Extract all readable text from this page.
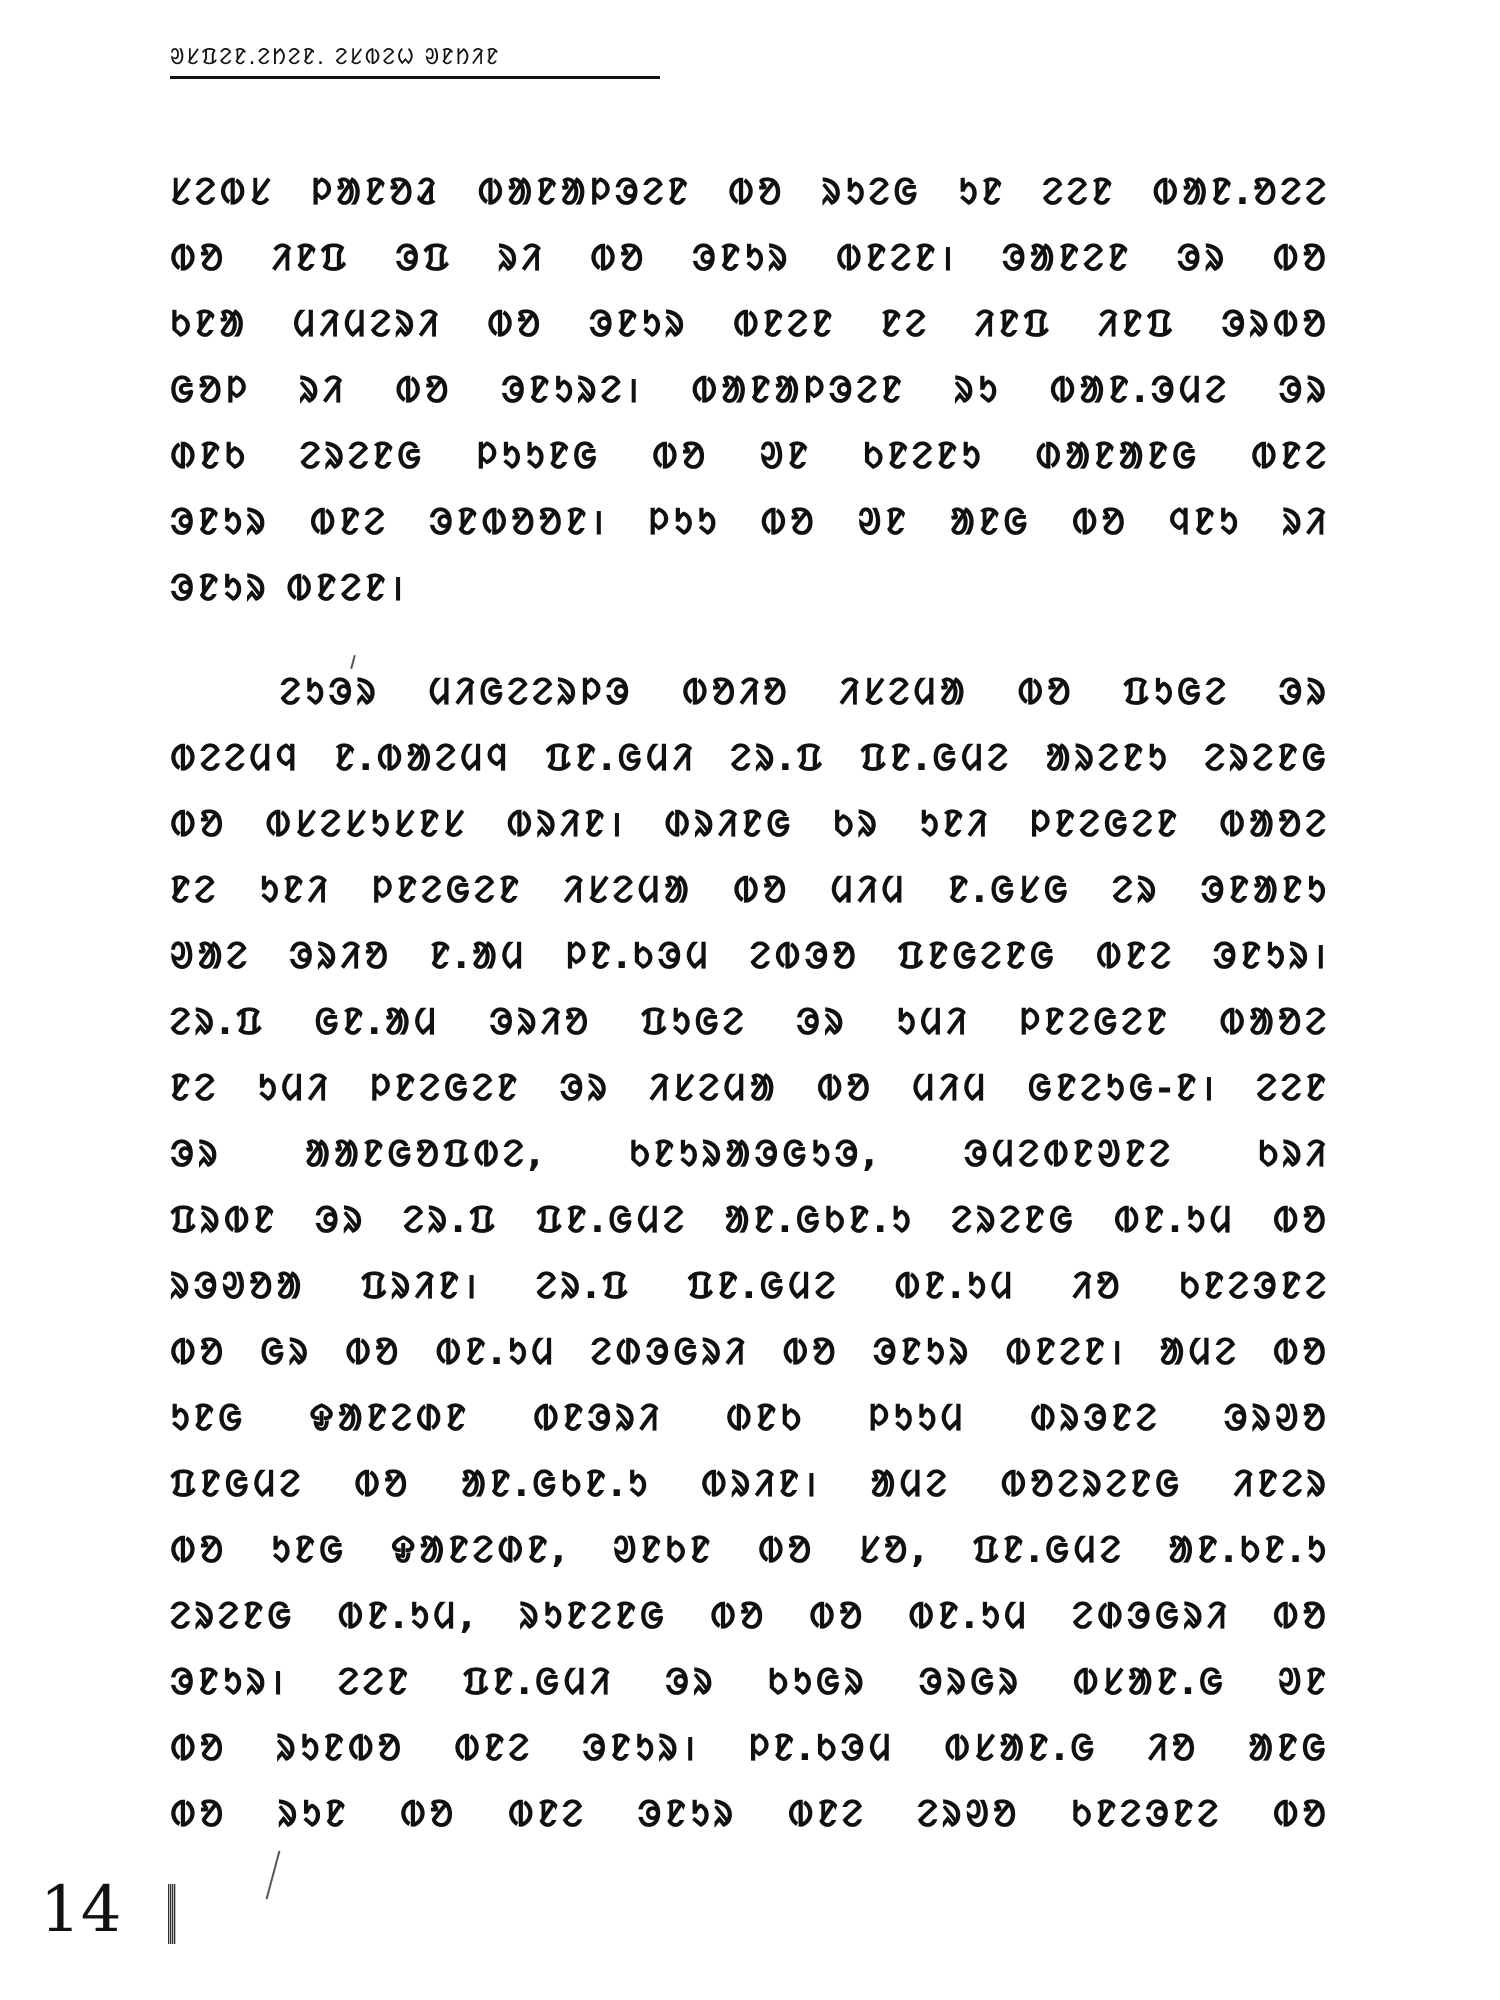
ᱣᱥᱯᱮᱱ.ᱮᱴᱮᱱ. ᱮᱥᱵᱮᱦ ᱣᱱᱴᱤᱱ
ᱥᱮᱵᱥ ᱞᱟᱱᱚᱲ ᱵᱟᱱᱟᱞᱳᱮᱱ ᱵᱚ ᱨᱩᱮᱜ ᱩᱱ ᱮᱮᱱ ᱵᱟᱱ.ᱚᱮᱮ
ᱵᱚ ᱤᱱᱯ ᱳᱯ ᱨᱤ ᱵᱚ ᱳᱱᱩᱨ ᱵᱱᱮᱱ। ᱳᱟᱱᱮᱱ ᱳᱨ ᱵᱚ
ᱠᱱᱟ ᱢᱤᱢᱮᱨᱤ ᱵᱚ ᱳᱱᱩᱨ ᱵᱱᱮᱱ ᱱᱮ ᱤᱱᱯ ᱤᱱᱯ ᱳᱨᱵᱚ
ᱜᱚᱞ ᱨᱤ ᱵᱚ ᱳᱱᱩᱨᱮ। ᱵᱟᱱᱟᱞᱳᱮᱱ ᱨᱩ ᱵᱟᱱ.ᱳᱢᱮ ᱳᱨ
ᱰᱱᱠ ᱮᱨᱮᱱᱜ ᱞᱩᱩᱱᱜ ᱵᱚ ᱣᱱ ᱠᱱᱮᱱᱩ ᱰᱟᱱᱟᱱᱜ ᱵᱱᱮ
ᱳᱱᱩᱨ ᱵᱱᱮ ᱳᱱᱵᱚᱚᱱ। ᱞᱩᱩ ᱵᱚ ᱣᱱ ᱟᱱᱜ ᱵᱚ ᱧᱱᱩ ᱨᱤ
ᱳᱱᱩᱨ ᱵᱱᱮᱱ।
ᱮᱩᱳᱨ ᱢᱤᱜᱮᱮᱨᱞᱳ ᱵᱚᱤᱚ ᱤᱥᱮᱢᱟ ᱵᱚ ᱯᱩᱜᱮ ᱳᱨ
ᱵᱮᱮᱢᱧ ᱱ.ᱵᱟᱮᱢᱧ ᱯᱱ.ᱜᱢᱤ ᱮᱨ.ᱯ ᱯᱱ.ᱜᱢᱮ ᱟᱨᱮᱱᱩ ᱮᱨᱮᱱᱜ
ᱵᱚ ᱵᱥᱮᱥᱩᱥᱱᱥ ᱵᱨᱤᱱ। ᱰᱨᱤᱱᱜ ᱠᱨ ᱩᱱᱤ ᱞᱱᱮᱜᱮᱱ ᱵᱟᱚᱮ
ᱱᱮ ᱩᱱᱤ ᱞᱱᱮᱜᱮᱱ ᱤᱥᱮᱢᱟ ᱵᱚ ᱢᱤᱢ ᱱ.ᱜᱥᱜ ᱮᱨ ᱳᱱᱟᱱᱩ
ᱣᱟᱮ ᱳᱨᱤᱚ ᱱ.ᱟᱢ ᱞᱱ.ᱠᱳᱢ ᱮᱵᱳᱚ ᱯᱱᱜᱮᱱᱜ ᱵᱱᱮ ᱳᱱᱩᱨ।
ᱮᱨ.ᱯ ᱜᱱ.ᱟᱢ ᱳᱨᱤᱚ ᱯᱩᱜᱮ ᱳᱨ ᱩᱢᱤ ᱞᱱᱮᱜᱮᱱ ᱵᱟᱚᱮ
ᱱᱮ ᱩᱢᱤ ᱞᱱᱮᱜᱮᱱ ᱳᱨ ᱤᱥᱮᱢᱟ ᱵᱚ ᱢᱤᱢ ᱜᱱᱮᱩᱜ-ᱱ। ᱮᱮᱱ
ᱳᱨ ᱟᱟᱱᱜᱚᱯᱵᱮ, ᱠᱱᱩᱨᱟᱳᱜᱩᱳ, ᱳᱢᱮᱵᱱᱣᱱᱮ ᱠᱨᱤ
ᱯᱨᱵᱱ ᱳᱨ ᱮᱨ.ᱯ ᱯᱱ.ᱜᱢᱮ ᱟᱱ.ᱜᱠᱱ.ᱩ ᱮᱨᱮᱱᱜ ᱵᱱ.ᱩᱢ ᱵᱚ
ᱨᱳᱣᱚᱟ ᱯᱨᱤᱱ। ᱮᱨ.ᱯ ᱯᱱ.ᱜᱢᱮ ᱵᱱ.ᱩᱢ ᱤᱚ ᱠᱱᱮᱳᱱᱮ
ᱵᱚ ᱜᱨ ᱵᱚ ᱵᱱ.ᱩᱢ ᱮᱰᱳᱜᱨᱤ ᱵᱚ ᱳᱱᱩᱨ ᱵᱱᱮᱱ। ᱟᱢᱮ ᱵᱚ
ᱩᱱᱜ ᱫᱟᱱᱮᱰᱱ ᱵᱱᱳᱨᱤ ᱰᱱᱠ ᱞᱩᱩᱢ ᱰᱨᱳᱱᱮ ᱳᱨᱣᱚ
ᱯᱱᱜᱢᱮ ᱵᱚ ᱟᱱ.ᱜᱠᱱ.ᱩ ᱵᱨᱤᱱ। ᱟᱢᱮ ᱵᱚᱮᱨᱮᱱᱜ ᱤᱱᱮᱨ
ᱵᱚ ᱩᱱᱜ ᱫᱟᱱᱮᱰᱱ, ᱣᱱᱠᱱ ᱵᱚ ᱥᱚ, ᱯᱱ.ᱜᱢᱮ ᱟᱱ.ᱠᱱ.ᱩ
ᱮᱨᱮᱱᱜ ᱵᱱ.ᱩᱢ, ᱨᱩᱱᱮᱱᱜ ᱵᱚ ᱵᱚ ᱵᱱ.ᱩᱢ ᱮᱰᱳᱜᱨᱤ ᱵᱚ
ᱳᱱᱩᱨ। ᱮᱮᱱ ᱯᱱ.ᱜᱢᱤ ᱳᱨ ᱠᱩᱜᱨ ᱳᱨᱜᱨ ᱵᱥᱟᱱ.ᱜ ᱣᱱ
ᱵᱚ ᱨᱩᱱᱵᱚ ᱵᱱᱮ ᱳᱱᱩᱨ। ᱞᱱ.ᱠᱳᱢ ᱵᱥᱟᱱ.ᱜ ᱤᱚ ᱟᱱᱜ
ᱵᱚ ᱨᱩᱱ ᱵᱚ ᱵᱱᱮ ᱳᱱᱩᱨ ᱵᱱᱮ ᱮᱨᱣᱚ ᱠᱱᱮᱳᱱᱮ ᱵᱚ
14
